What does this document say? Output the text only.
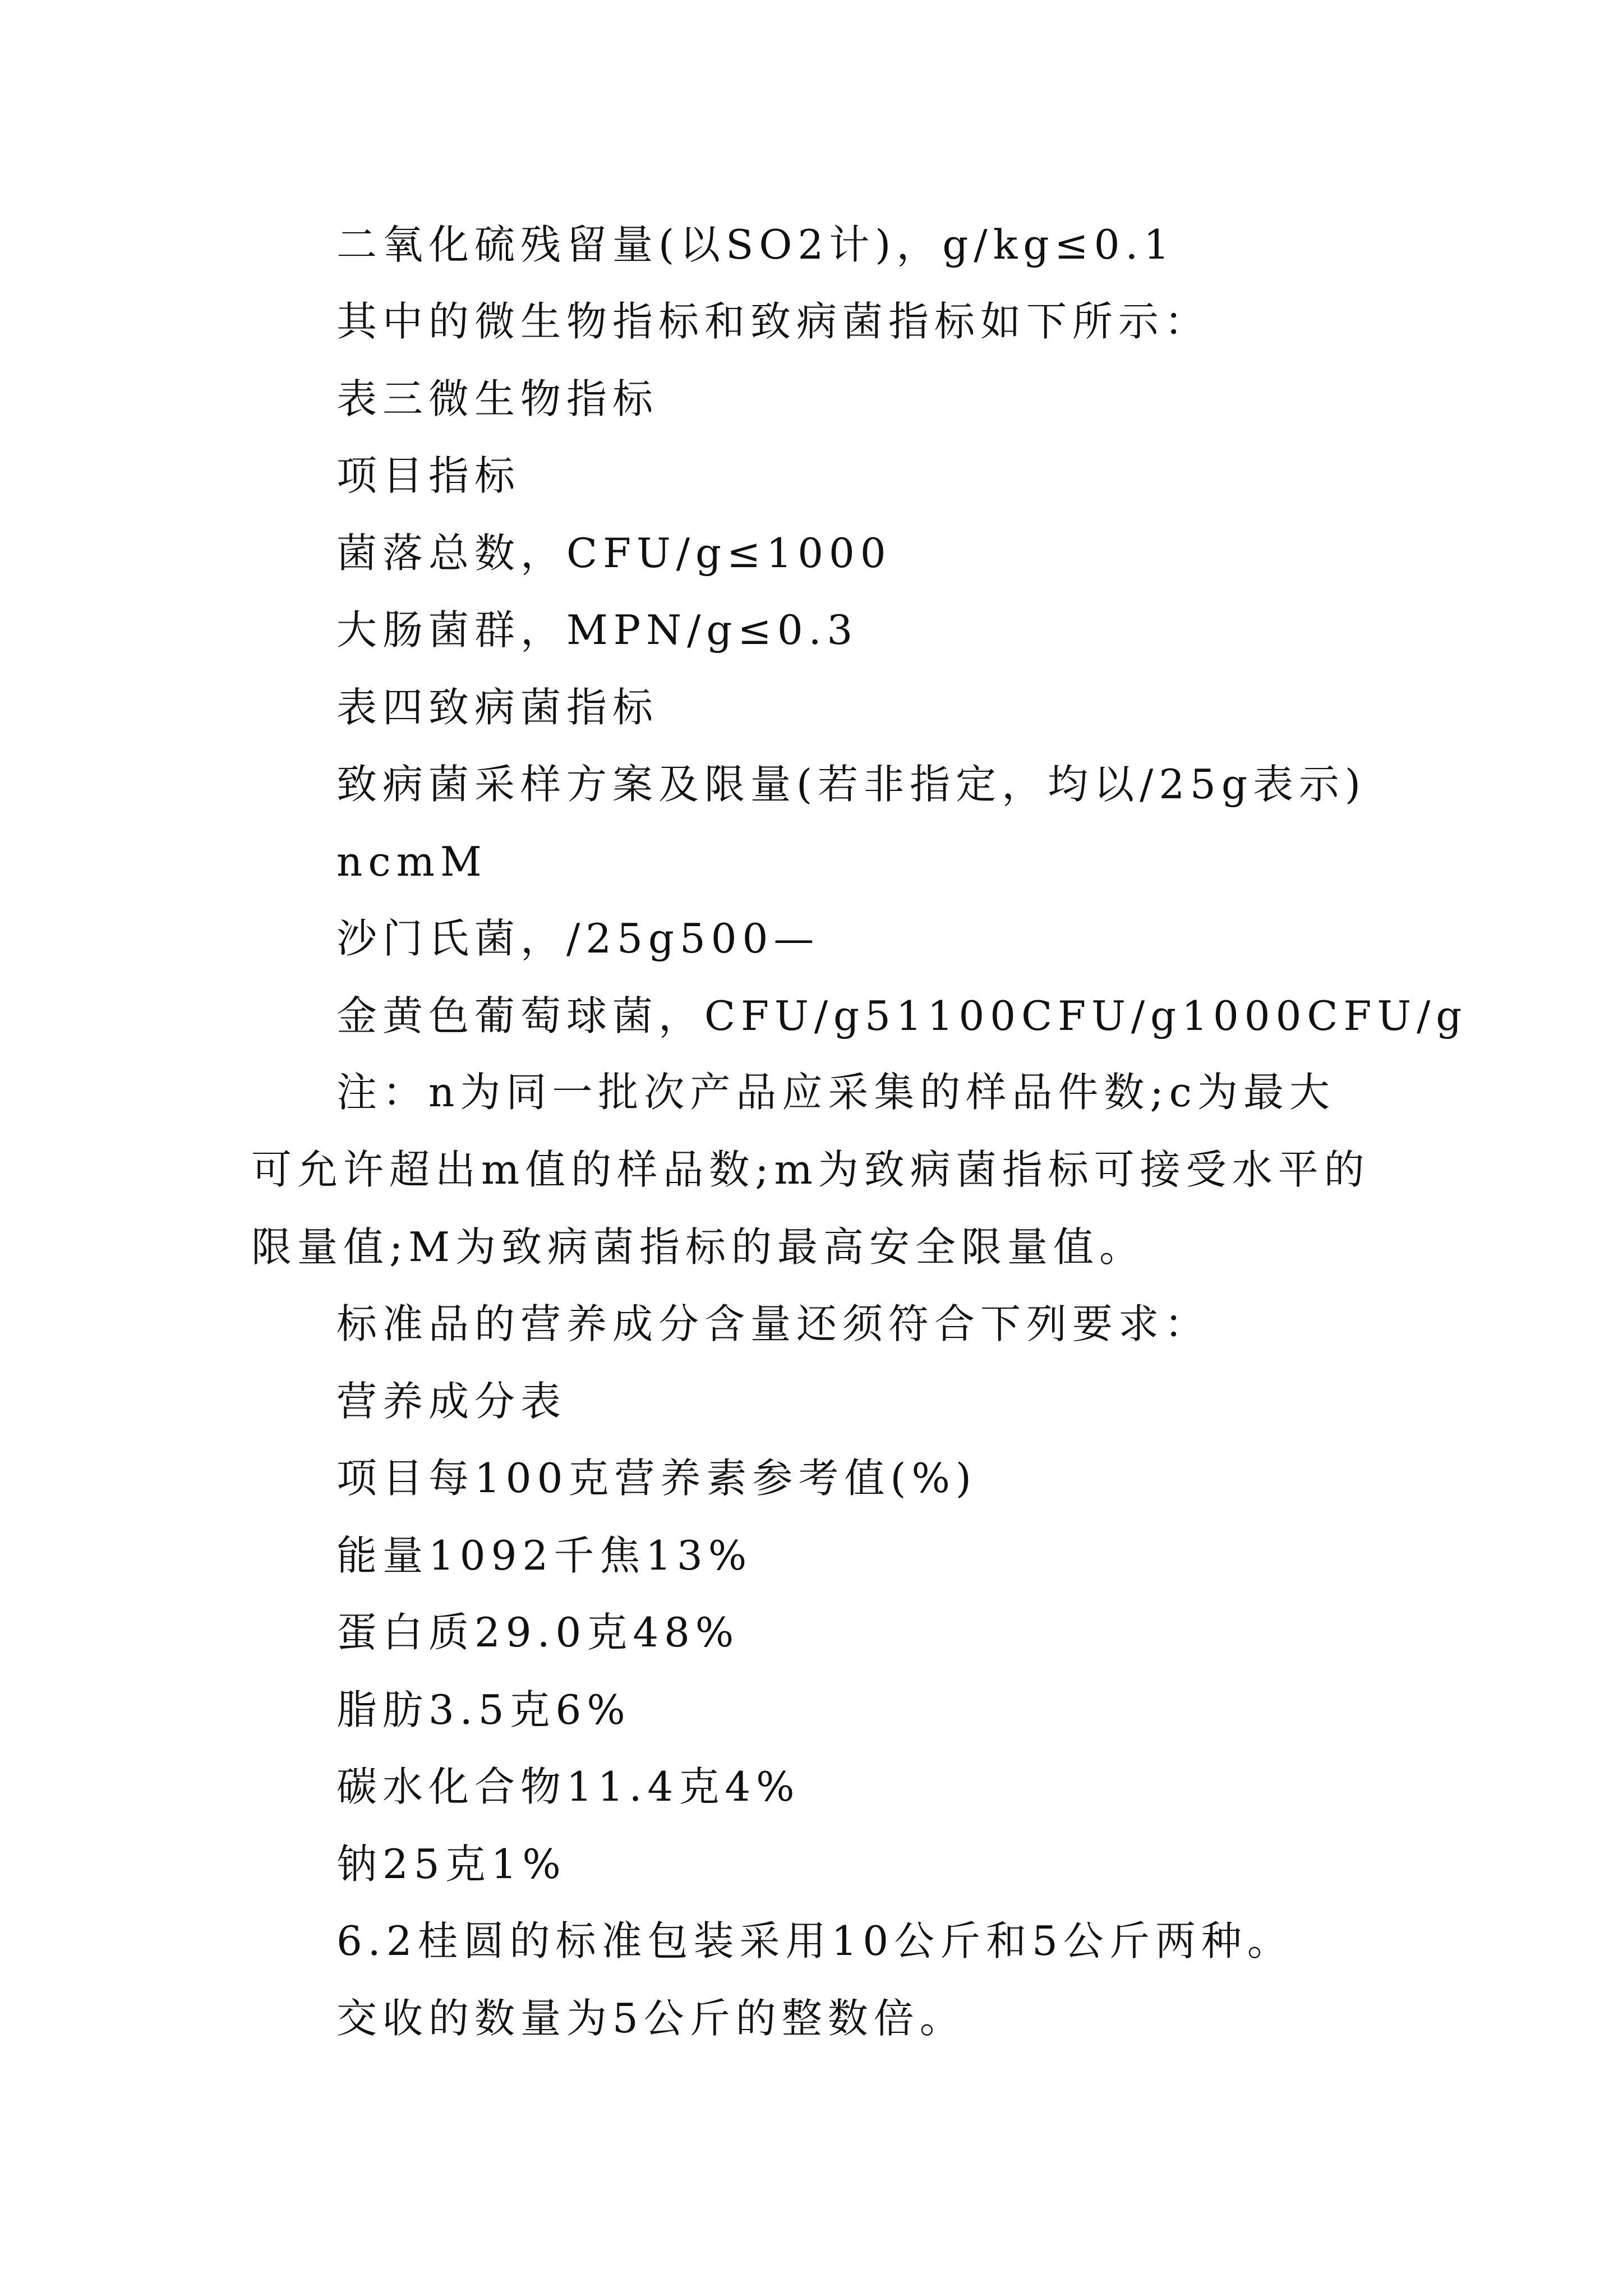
二氧化硫残留量(以SO2计)，g/kg≤0.1

其中的微生物指标和致病菌指标如下所示：

表三微生物指标

项目指标

菌落总数，CFU/g≤1000

大肠菌群，MPN/g≤0.3

表四致病菌指标

致病菌采样方案及限量(若非指定，均以/25g表示)

ncmM

沙门氏菌，/25g500—

金黄色葡萄球菌，CFU/g51100CFU/g1000CFU/g

注：n为同一批次产品应采集的样品件数;c为最大可允许超出m值的样品数;m为致病菌指标可接受水平的限量值;M为致病菌指标的最高安全限量值。

标准品的营养成分含量还须符合下列要求：

营养成分表

项目每100克营养素参考值(%)

能量1092千焦13%

蛋白质29.0克48%

脂肪3.5克6%

碳水化合物11.4克4%

钠25克1%

6.2桂圆的标准包装采用10公斤和5公斤两种。

交收的数量为5公斤的整数倍。
